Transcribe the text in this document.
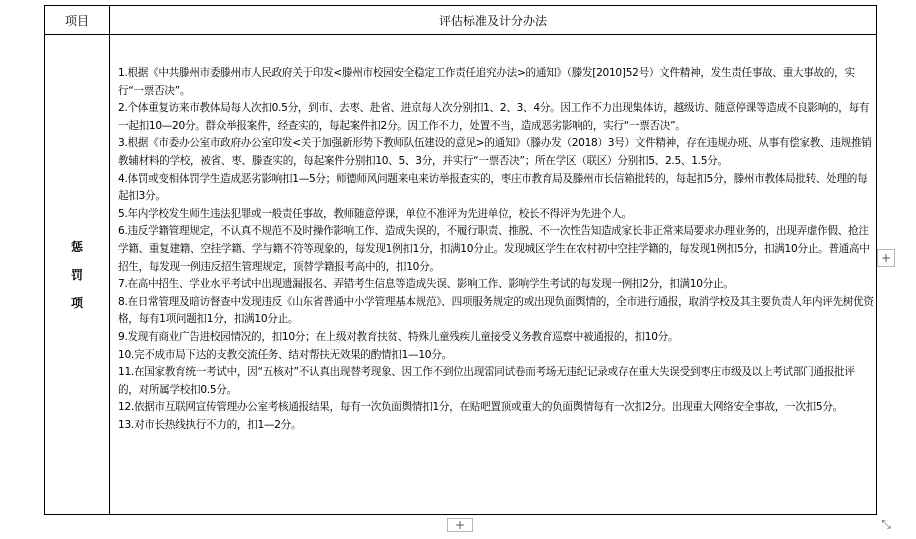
项目	评估标准及计分办法
惩
罚
项

1.根据《中共滕州市委滕州市人民政府关于印发<滕州市校园安全稳定工作责任追究办法>的通知》（滕发[2010]52号）文件精神，发生责任事故、重大事故的，实行“一票否决”。

2.个体重复访来市教体局每人次扣0.5分，到市、去枣、赴省、进京每人次分别扣1、2、3、4分。因工作不力出现集体访，越级访、随意停课等造成不良影响的，每有一起扣10—20分。群众举报案件，经查实的，每起案件扣2分。因工作不力，处置不当，造成恶劣影响的，实行“一票否决”。

3.根据《市委办公室市政府办公室印发<关于加强新形势下教师队伍建设的意见>的通知》（滕办发（2018）3号）文件精神，存在违规办班、从事有偿家教、违规推销教辅材料的学校，被省、枣、滕查实的，每起案件分别扣10、5、3分，并实行“一票否决”；所在学区（联区）分别扣5、2.5、1.5分。

4.体罚或变相体罚学生造成恶劣影响扣1—5分；师德师风问题来电来访举报查实的，枣庄市教育局及滕州市长信箱批转的，每起扣5分，滕州市教体局批转、处理的每起扣3分。

5.年内学校发生师生违法犯罪或一般责任事故，教师随意停课，单位不准评为先进单位，校长不得评为先进个人。

6.违反学籍管理规定，不认真不规范不及时操作影响工作、造成失误的，不履行职责、推脱、不一次性告知造成家长非正常来局要求办理业务的，出现弄虚作假、抢注学籍、重复建籍、空挂学籍、学与籍不符等现象的，每发现1例扣1分，扣满10分止。发现城区学生在农村初中空挂学籍的，每发现1例扣5分，扣满10分止。普通高中招生，每发现一例违反招生管理规定，顶替学籍报考高中的，扣10分。

7.在高中招生、学业水平考试中出现遗漏报名、弄错考生信息等造成失误、影响工作、影响学生考试的每发现一例扣2分，扣满10分止。

8.在日常管理及暗访督查中发现违反《山东省普通中小学管理基本规范》、四项服务规定的或出现负面舆情的，全市进行通报，取消学校及其主要负责人年内评先树优资格，每有1项问题扣1分，扣满10分止。

9.发现有商业广告进校园情况的，扣10分；在上级对教育扶贫、特殊儿童残疾儿童接受义务教育巡察中被通报的，扣10分。

10.完不成市局下达的支教交流任务、结对帮扶无效果的酌情扣1—10分。

11.在国家教育统一考试中，因“五核对”不认真出现替考现象、因工作不到位出现雷同试卷而考场无违纪记录或存在重大失误受到枣庄市级及以上考试部门通报批评的，对所属学校扣0.5分。

12.依据市互联网宣传管理办公室考核通报结果，每有一次负面舆情扣1分，在贴吧置顶或重大的负面舆情每有一次扣2分。出现重大网络安全事故，一次扣5分。

13.对市长热线执行不力的，扣1—2分。

+
+	⤡
